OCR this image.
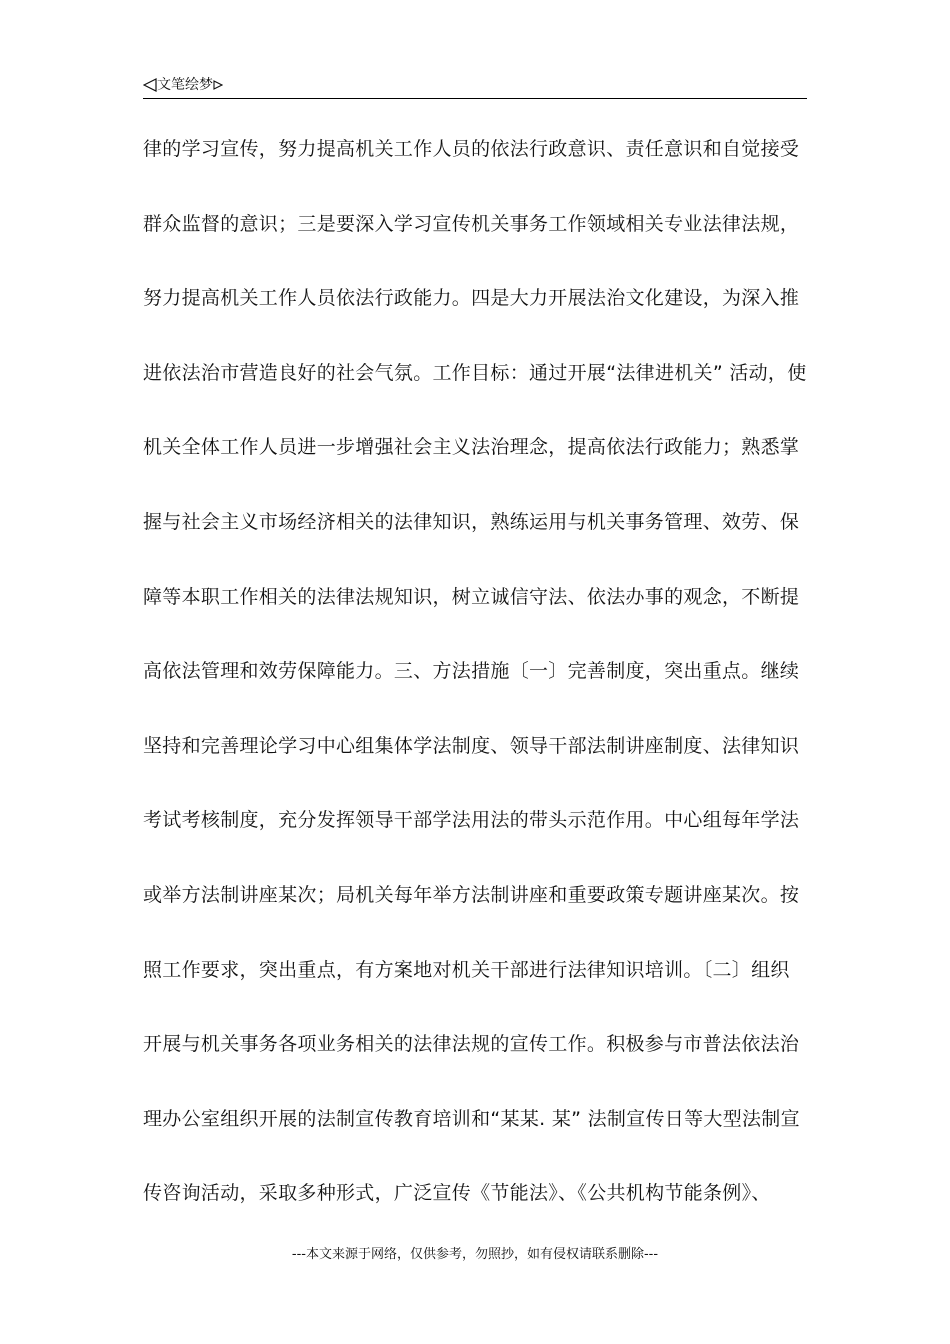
文笔绘梦
律的学习宣传，努力提高机关工作人员的依法行政意识、责任意识和自觉接受
群众监督的意识；三是要深入学习宣传机关事务工作领域相关专业法律法规，
努力提高机关工作人员依法行政能力。四是大力开展法治文化建设，为深入推
进依法治市营造良好的社会气氛。工作目标：通过开展“法律进机关” 活动，使
机关全体工作人员进一步增强社会主义法治理念，提高依法行政能力；熟悉掌
握与社会主义市场经济相关的法律知识，熟练运用与机关事务管理、效劳、保
障等本职工作相关的法律法规知识，树立诚信守法、依法办事的观念，不断提
高依法管理和效劳保障能力。三、方法措施〔一〕完善制度，突出重点。继续
坚持和完善理论学习中心组集体学法制度、领导干部法制讲座制度、法律知识
考试考核制度，充分发挥领导干部学法用法的带头示范作用。中心组每年学法
或举方法制讲座某次；局机关每年举方法制讲座和重要政策专题讲座某次。按
照工作要求，突出重点，有方案地对机关干部进行法律知识培训。〔二〕组织
开展与机关事务各项业务相关的法律法规的宣传工作。积极参与市普法依法治
理办公室组织开展的法制宣传教育培训和“某某. 某” 法制宣传日等大型法制宣
传咨询活动，采取多种形式，广泛宣传《节能法》、《公共机构节能条例》、
---本文来源于网络，仅供参考，勿照抄，如有侵权请联系删除---
